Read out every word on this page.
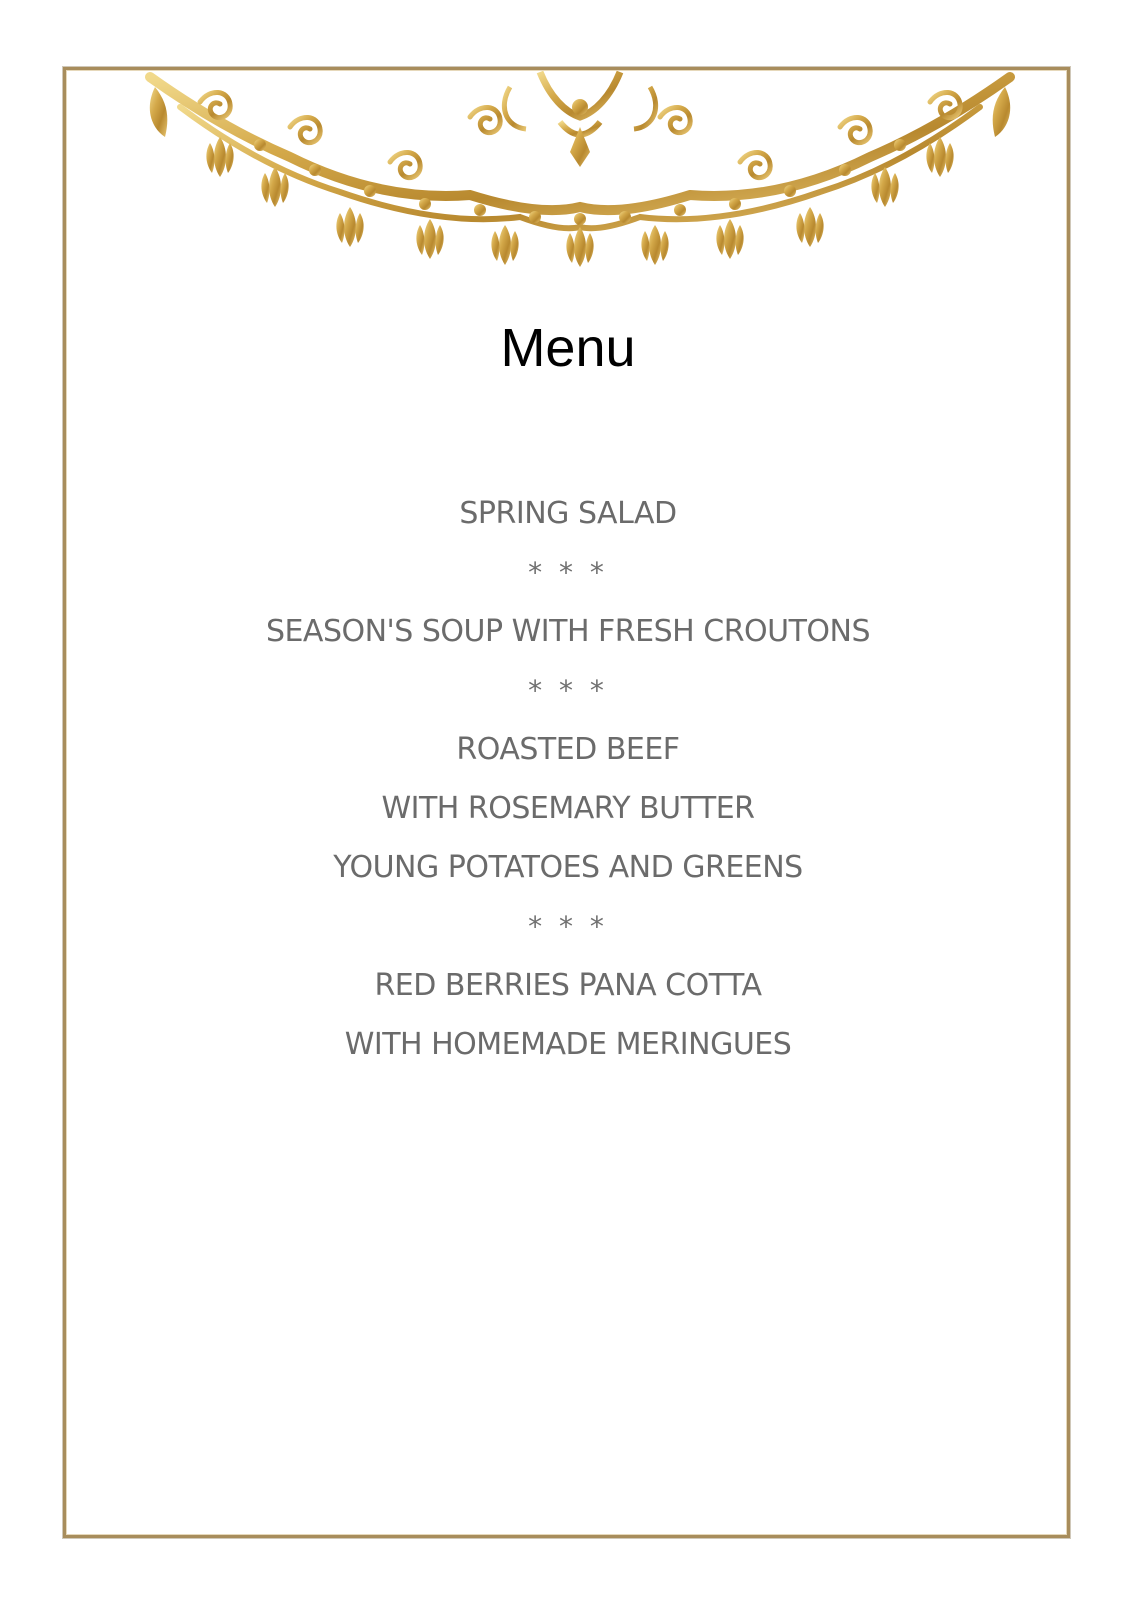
Menu
SPRING SALAD
* * *
SEASON'S SOUP WITH FRESH CROUTONS
* * *
ROASTED BEEF
WITH ROSEMARY BUTTER
YOUNG POTATOES AND GREENS
* * *
RED BERRIES PANA COTTA
WITH HOMEMADE MERINGUES
